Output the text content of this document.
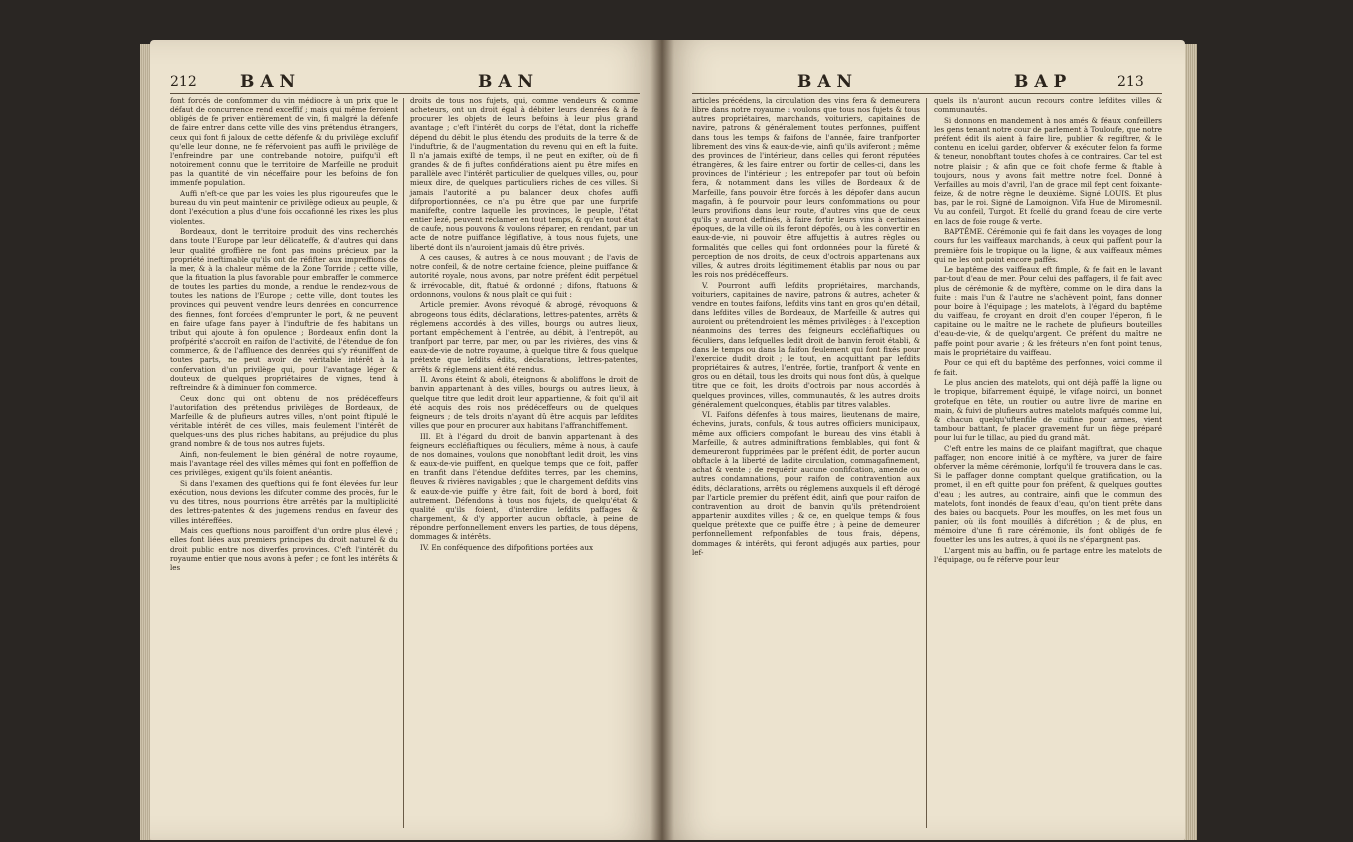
212	BAN	BAN

font forcés de confommer du vin médiocre à un prix que le défaut de concurrence rend exceffif ; mais qui même feroient obligés de fe priver entièrement de vin, fi malgré la défenfe de faire entrer dans cette ville des vins prétendus étrangers, ceux qui font fi jaloux de cette défenfe & du privilège exclufif qu'elle leur donne, ne fe réfervoient pas auffi le privilège de l'enfreindre par une contrebande notoire, puifqu'il eft notoirement connu que le territoire de Marfeille ne produit pas la quantité de vin néceffaire pour les befoins de fon immenfe population.

Auffi n'eft-ce que par les voies les plus rigoureufes que le bureau du vin peut maintenir ce privilège odieux au peuple, & dont l'exécution a plus d'une fois occafionné les rixes les plus violentes.

Bordeaux, dont le territoire produit des vins recherchés dans toute l'Europe par leur délicateffe, & d'autres qui dans leur qualité groffière ne font pas moins précieux par la propriété ineftimable qu'ils ont de réfifter aux impreffions de la mer, & à la chaleur même de la Zone Torride ; cette ville, que la fituation la plus favorable pour embraffer le commerce de toutes les parties du monde, a rendue le rendez-vous de toutes les nations de l'Europe ; cette ville, dont toutes les provinces qui peuvent vendre leurs denrées en concurrence des fiennes, font forcées d'emprunter le port, & ne peuvent en faire ufage fans payer à l'induftrie de fes habitans un tribut qui ajoute à fon opulence ; Bordeaux enfin dont la profpérité s'accroît en raifon de l'activité, de l'étendue de fon commerce, & de l'affluence des denrées qui s'y réuniffent de toutes parts, ne peut avoir de véritable intérêt à la confervation d'un privilège qui, pour l'avantage léger & douteux de quelques propriétaires de vignes, tend à reftreindre & à diminuer fon commerce.

Ceux donc qui ont obtenu de nos prédéceffeurs l'autorifation des prétendus privilèges de Bordeaux, de Marfeille & de plufieurs autres villes, n'ont point ftipulé le véritable intérêt de ces villes, mais feulement l'intérêt de quelques-uns des plus riches habitans, au préjudice du plus grand nombre & de tous nos autres fujets.

Ainfi, non-feulement le bien général de notre royaume, mais l'avantage réel des villes mêmes qui font en poffeffion de ces privilèges, exigent qu'ils foient anéantis.

Si dans l'examen des queftions qui fe font élevées fur leur exécution, nous devions les difcuter comme des procès, fur le vu des titres, nous pourrions être arrêtés par la multiplicité des lettres-patentes & des jugemens rendus en faveur des villes intéreffées.

Mais ces queftions nous paroiffent d'un ordre plus élevé ; elles font liées aux premiers principes du droit naturel & du droit public entre nos diverfes provinces. C'eft l'intérêt du royaume entier que nous avons à pefer ; ce font les intérêts & les

droits de tous nos fujets, qui, comme vendeurs & comme acheteurs, ont un droit égal à débiter leurs denrées & à fe procurer les objets de leurs befoins à leur plus grand avantage ; c'eft l'intérêt du corps de l'état, dont la richeffe dépend du débit le plus étendu des produits de la terre & de l'induftrie, & de l'augmentation du revenu qui en eft la fuite. Il n'a jamais exifté de temps, il ne peut en exifter, où de fi grandes & de fi juftes confidérations aient pu être mifes en parallèle avec l'intérêt particulier de quelques villes, ou, pour mieux dire, de quelques particuliers riches de ces villes. Si jamais l'autorité a pu balancer deux chofes auffi difproportionnées, ce n'a pu être que par une furprife manifefte, contre laquelle les provinces, le peuple, l'état entier lezé, peuvent réclamer en tout temps, & qu'en tout état de caufe, nous pouvons & voulons réparer, en rendant, par un acte de notre puiffance légiflative, à tous nous fujets, une liberté dont ils n'auroient jamais dû être privés.

A ces causes, & autres à ce nous mouvant ; de l'avis de notre confeil, & de notre certaine fcience, pleine puiffance & autorité royale, nous avons, par notre préfent édit perpétuel & irrévocable, dit, ftatué & ordonné ; difons, ftatuons & ordonnons, voulons & nous plaît ce qui fuit :

Article premier. Avons révoqué & abrogé, révoquons & abrogeons tous édits, déclarations, lettres-patentes, arrêts & réglemens accordés à des villes, bourgs ou autres lieux, portant empêchement à l'entrée, au débit, à l'entrepôt, au tranfport par terre, par mer, ou par les rivières, des vins & eaux-de-vie de notre royaume, à quelque titre & fous quelque prétexte que lefdits édits, déclarations, lettres-patentes, arrêts & réglemens aient été rendus.

II. Avons éteint & aboli, éteignons & aboliffons le droit de banvin appartenant à des villes, bourgs ou autres lieux, à quelque titre que ledit droit leur appartienne, & foit qu'il ait été acquis des rois nos prédéceffeurs ou de quelques feigneurs ; de tels droits n'ayant dû être acquis par lefdites villes que pour en procurer aux habitans l'affranchiffement.

III. Et à l'égard du droit de banvin appartenant à des feigneurs eccléfiaftiques ou féculiers, même à nous, à caufe de nos domaines, voulons que nonobftant ledit droit, les vins & eaux-de-vie puiffent, en quelque temps que ce foit, paffer en tranfit dans l'étendue defdites terres, par les chemins, fleuves & rivières navigables ; que le chargement defdits vins & eaux-de-vie puiffe y être fait, foit de bord à bord, foit autrement. Défendons à tous nos fujets, de quelqu'état & qualité qu'ils foient, d'interdire lefdits paffages & chargement, & d'y apporter aucun obftacle, à peine de répondre perfonnellement envers les parties, de tous dépens, dommages & intérêts.

IV. En conféquence des difpofitions portées aux

BAN	BAP	213

articles précédens, la circulation des vins fera & demeurera libre dans notre royaume : voulons que tous nos fujets & tous autres propriétaires, marchands, voituriers, capitaines de navire, patrons & généralement toutes perfonnes, puiffent dans tous les temps & faifons de l'année, faire tranfporter librement des vins & eaux-de-vie, ainfi qu'ils aviferont ; même des provinces de l'intérieur, dans celles qui feront réputées étrangères, & les faire entrer ou fortir de celles-ci, dans les provinces de l'intérieur ; les entrepofer par tout où befoin fera, & notamment dans les villes de Bordeaux & de Marfeille, fans pouvoir être forcés à les dépofer dans aucun magafin, à fe pourvoir pour leurs confommations ou pour leurs provifions dans leur route, d'autres vins que de ceux qu'ils y auront deftinés, à faire fortir leurs vins à certaines époques, de la ville où ils feront dépofés, ou à les convertir en eaux-de-vie, ni pouvoir être affujettis à autres règles ou formalités que celles qui font ordonnées pour la fûreté & perception de nos droits, de ceux d'octrois appartenans aux villes, & autres droits légitimement établis par nous ou par les rois nos prédéceffeurs.

V. Pourront auffi lefdits propriétaires, marchands, voituriers, capitaines de navire, patrons & autres, acheter & vendre en toutes faifons, lefdits vins tant en gros qu'en détail, dans lefdites villes de Bordeaux, de Marfeille & autres qui auroient ou prétendroient les mêmes privilèges : à l'exception néanmoins des terres des feigneurs eccléfiaftiques ou féculiers, dans lefquelles ledit droit de banvin feroit établi, & dans le temps ou dans la faifon feulement qui font fixés pour l'exercice dudit droit ; le tout, en acquittant par lefdits propriétaires & autres, l'entrée, fortie, tranfport & vente en gros ou en détail, tous les droits qui nous font dûs, à quelque titre que ce foit, les droits d'octrois par nous accordés à quelques provinces, villes, communautés, & les autres droits généralement quelconques, établis par titres valables.

VI. Faifons défenfes à tous maires, lieutenans de maire, échevins, jurats, confuls, & tous autres officiers municipaux, même aux officiers compofant le bureau des vins établi à Marfeille, & autres adminiftrations femblables, qui font & demeureront fupprimées par le préfent édit, de porter aucun obftacle à la liberté de ladite circulation, commagafinement, achat & vente ; de requérir aucune confifcation, amende ou autres condamnations, pour raifon de contravention aux édits, déclarations, arrêts ou réglemens auxquels il eft dérogé par l'article premier du préfent édit, ainfi que pour raifon de contravention au droit de banvin qu'ils prétendroient appartenir auxdites villes ; & ce, en quelque temps & fous quelque prétexte que ce puiffe être ; à peine de demeurer perfonnellement refponfables de tous frais, dépens, dommages & intérêts, qui feront adjugés aux parties, pour lef-

quels ils n'auront aucun recours contre lefdites villes & communautés.

Si donnons en mandement à nos amés & féaux confeillers les gens tenant notre cour de parlement à Touloufe, que notre préfent édit ils aient à faire lire, publier & regiftrer, & le contenu en icelui garder, obferver & exécuter felon fa forme & teneur, nonobftant toutes chofes à ce contraires. Car tel est notre plaisir ; & afin que ce foit chofe ferme & ftable à toujours, nous y avons fait mettre notre fcel. Donné à Verfailles au mois d'avril, l'an de grace mil fept cent foixante-feize, & de notre règne le deuxième. Signé LOUIS. Et plus bas, par le roi. Signé de Lamoignon. Vifa Hue de Miromesnil. Vu au confeil, Turgot. Et fcellé du grand fceau de cire verte en lacs de foie rouge & verte.

BAPTÊME. Cérémonie qui fe fait dans les voyages de long cours fur les vaiffeaux marchands, à ceux qui paffent pour la première fois le tropique ou la ligne, & aux vaiffeaux mêmes qui ne les ont point encore paffés.

Le baptême des vaiffeaux eft fimple, & fe fait en le lavant par-tout d'eau de mer. Pour celui des paffagers, il fe fait avec plus de cérémonie & de myftère, comme on le dira dans la fuite : mais l'un & l'autre ne s'achèvent point, fans donner pour boire à l'équipage ; les matelots, à l'égard du baptême du vaiffeau, fe croyant en droit d'en couper l'éperon, fi le capitaine ou le maître ne le rachete de plufieurs bouteilles d'eau-de-vie, & de quelqu'argent. Ce préfent du maître ne paffe point pour avarie ; & les fréteurs n'en font point tenus, mais le propriétaire du vaiffeau.

Pour ce qui eft du baptême des perfonnes, voici comme il fe fait.

Le plus ancien des matelots, qui ont déjà paffé la ligne ou le tropique, bifarrement équipé, le vifage noirci, un bonnet grotefque en tête, un routier ou autre livre de marine en main, & fuivi de plufieurs autres matelots mafqués comme lui, & chacun quelqu'uftenfile de cuifine pour armes, vient tambour battant, fe placer gravement fur un fiège préparé pour lui fur le tillac, au pied du grand mât.

C'eft entre les mains de ce plaifant magiftrat, que chaque paffager, non encore initié à ce myftère, va jurer de faire obferver la même cérémonie, lorfqu'il fe trouvera dans le cas. Si le paffager donne comptant quelque gratification, ou la promet, il en eft quitte pour fon préfent, & quelques gouttes d'eau ; les autres, au contraire, ainfi que le commun des matelots, font inondés de feaux d'eau, qu'on tient prête dans des baies ou bacquets. Pour les mouffes, on les met fous un panier, où ils font mouillés à difcrétion ; & de plus, en mémoire d'une fi rare cérémonie, ils font obligés de fe fouetter les uns les autres, à quoi ils ne s'épargnent pas.

L'argent mis au baffin, ou fe partage entre les matelots de l'équipage, ou fe réferve pour leur
